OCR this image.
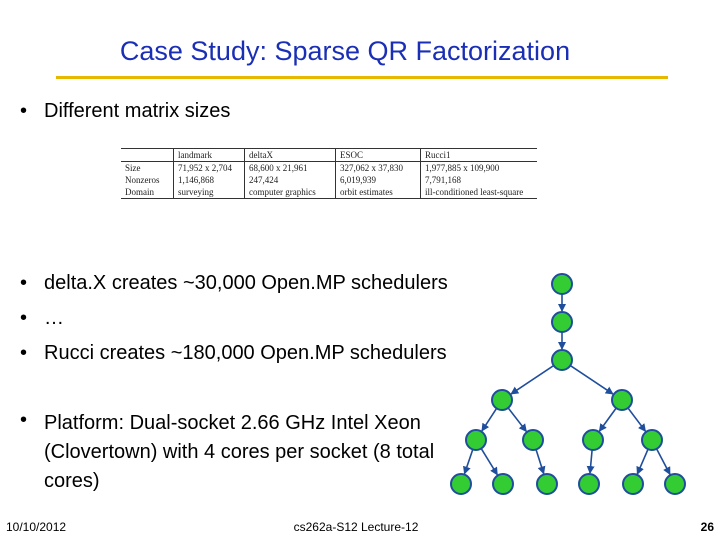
Case Study: Sparse QR Factorization
• Different matrix sizes
	landmark	deltaX	ESOC	Rucci1
Size	71,952 x 2,704	68,600 x 21,961	327,062 x 37,830	1,977,885 x 109,900
Nonzeros	1,146,868	247,424	6,019,939	7,791,168
Domain	surveying	computer graphics	orbit estimates	ill-conditioned least-square
• delta.X creates ~30,000 Open.MP schedulers
• …
• Rucci creates ~180,000 Open.MP schedulers
• Platform: Dual-socket 2.66 GHz Intel Xeon (Clovertown) with 4 cores per socket (8 total cores)
10/10/2012	cs262a-S12 Lecture-12	26
